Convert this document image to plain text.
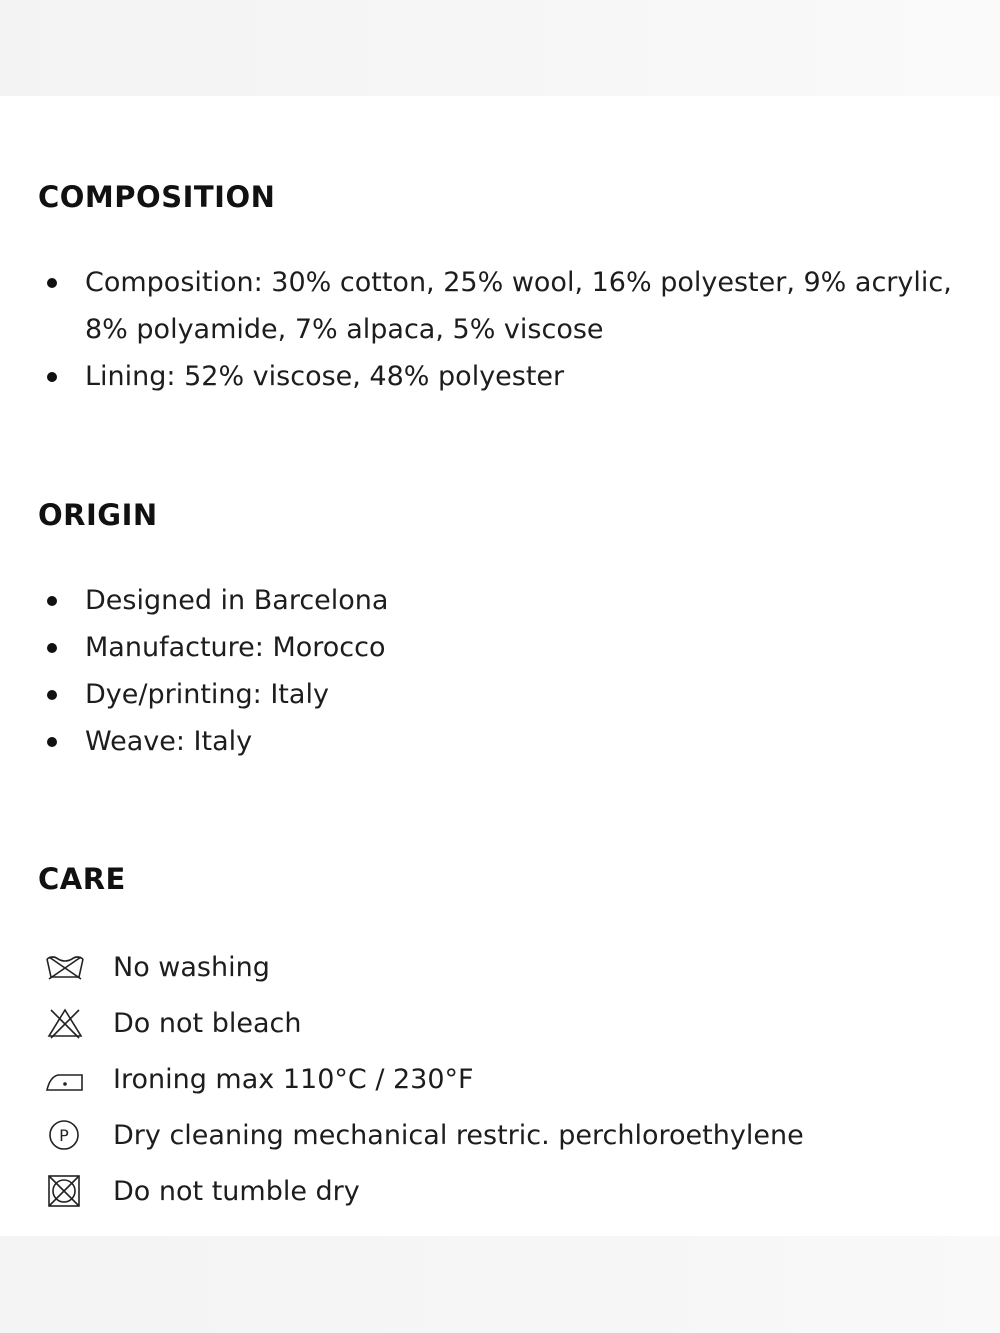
COMPOSITION
Composition: 30% cotton, 25% wool, 16% polyester, 9% acrylic, 8% polyamide, 7% alpaca, 5% viscose
Lining: 52% viscose, 48% polyester
ORIGIN
Designed in Barcelona
Manufacture: Morocco
Dye/printing: Italy
Weave: Italy
CARE
No washing
Do not bleach
Ironing max 110°C / 230°F
P Dry cleaning mechanical restric. perchloroethylene
Do not tumble dry
